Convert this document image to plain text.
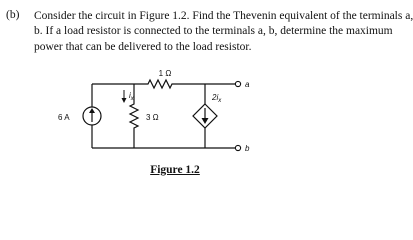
(b) Consider the circuit in Figure 1.2. Find the Thevenin equivalent of the terminals a,
b. If a load resistor is connected to the terminals a, b, determine the maximum
power that can be delivered to the load resistor.
1 Ω
3 Ω
6 A
$i_x$	$2i_x$
a
b
Figure 1.2
